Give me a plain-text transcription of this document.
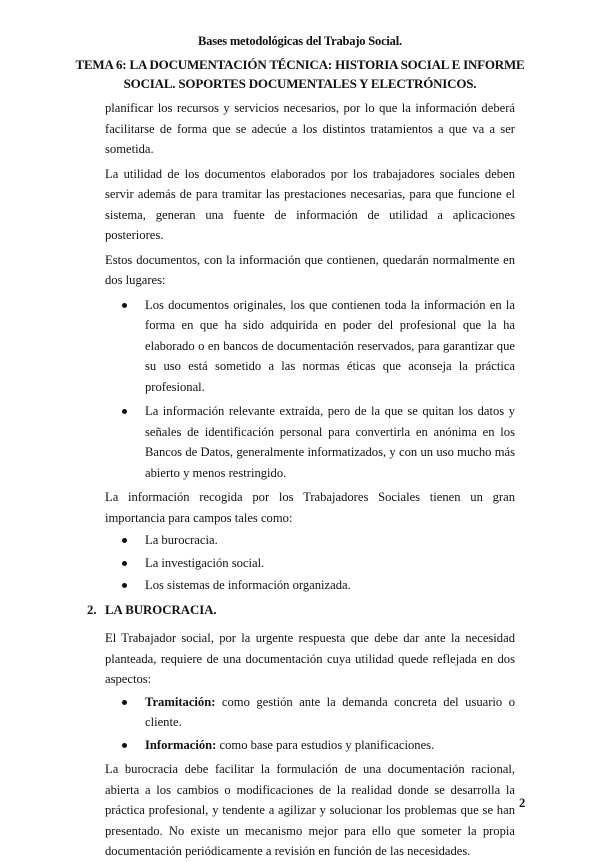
Bases metodológicas del Trabajo Social.
TEMA 6: LA DOCUMENTACIÓN TÉCNICA: HISTORIA SOCIAL E INFORME
SOCIAL. SOPORTES DOCUMENTALES Y ELECTRÓNICOS.

planificar los recursos y servicios necesarios, por lo que la información deberá facilitarse de forma que se adecúe a los distintos tratamientos a que va a ser sometida.

La utilidad de los documentos elaborados por los trabajadores sociales deben servir además de para tramitar las prestaciones necesarias, para que funcione el sistema, generan una fuente de información de utilidad a aplicaciones posteriores.

Estos documentos, con la información que contienen, quedarán normalmente en dos lugares:

Los documentos originales, los que contienen toda la información en la forma en que ha sido adquirida en poder del profesional que la ha elaborado o en bancos de documentación reservados, para garantizar que su uso está sometido a las normas éticas que aconseja la práctica profesional.
La información relevante extraída, pero de la que se quitan los datos y señales de identificación personal para convertirla en anónima en los Bancos de Datos, generalmente informatizados, y con un uso mucho más abierto y menos restringido.

La información recogida por los Trabajadores Sociales tienen un gran importancia para campos tales como:

La burocracia.
La investigación social.
Los sistemas de información organizada.
2. LA BUROCRACIA.

El Trabajador social, por la urgente respuesta que debe dar ante la necesidad planteada, requiere de una documentación cuya utilidad quede reflejada en dos aspectos:

Tramitación: como gestión ante la demanda concreta del usuario o cliente.
Información: como base para estudios y planificaciones.

La burocracia debe facilitar la formulación de una documentación racional, abierta a los cambios o modificaciones de la realidad donde se desarrolla la práctica profesional, y tendente a agilizar y solucionar los problemas que se han presentado. No existe un mecanismo mejor para ello que someter la propia documentación periódicamente a revisión en función de las necesidades.

2
